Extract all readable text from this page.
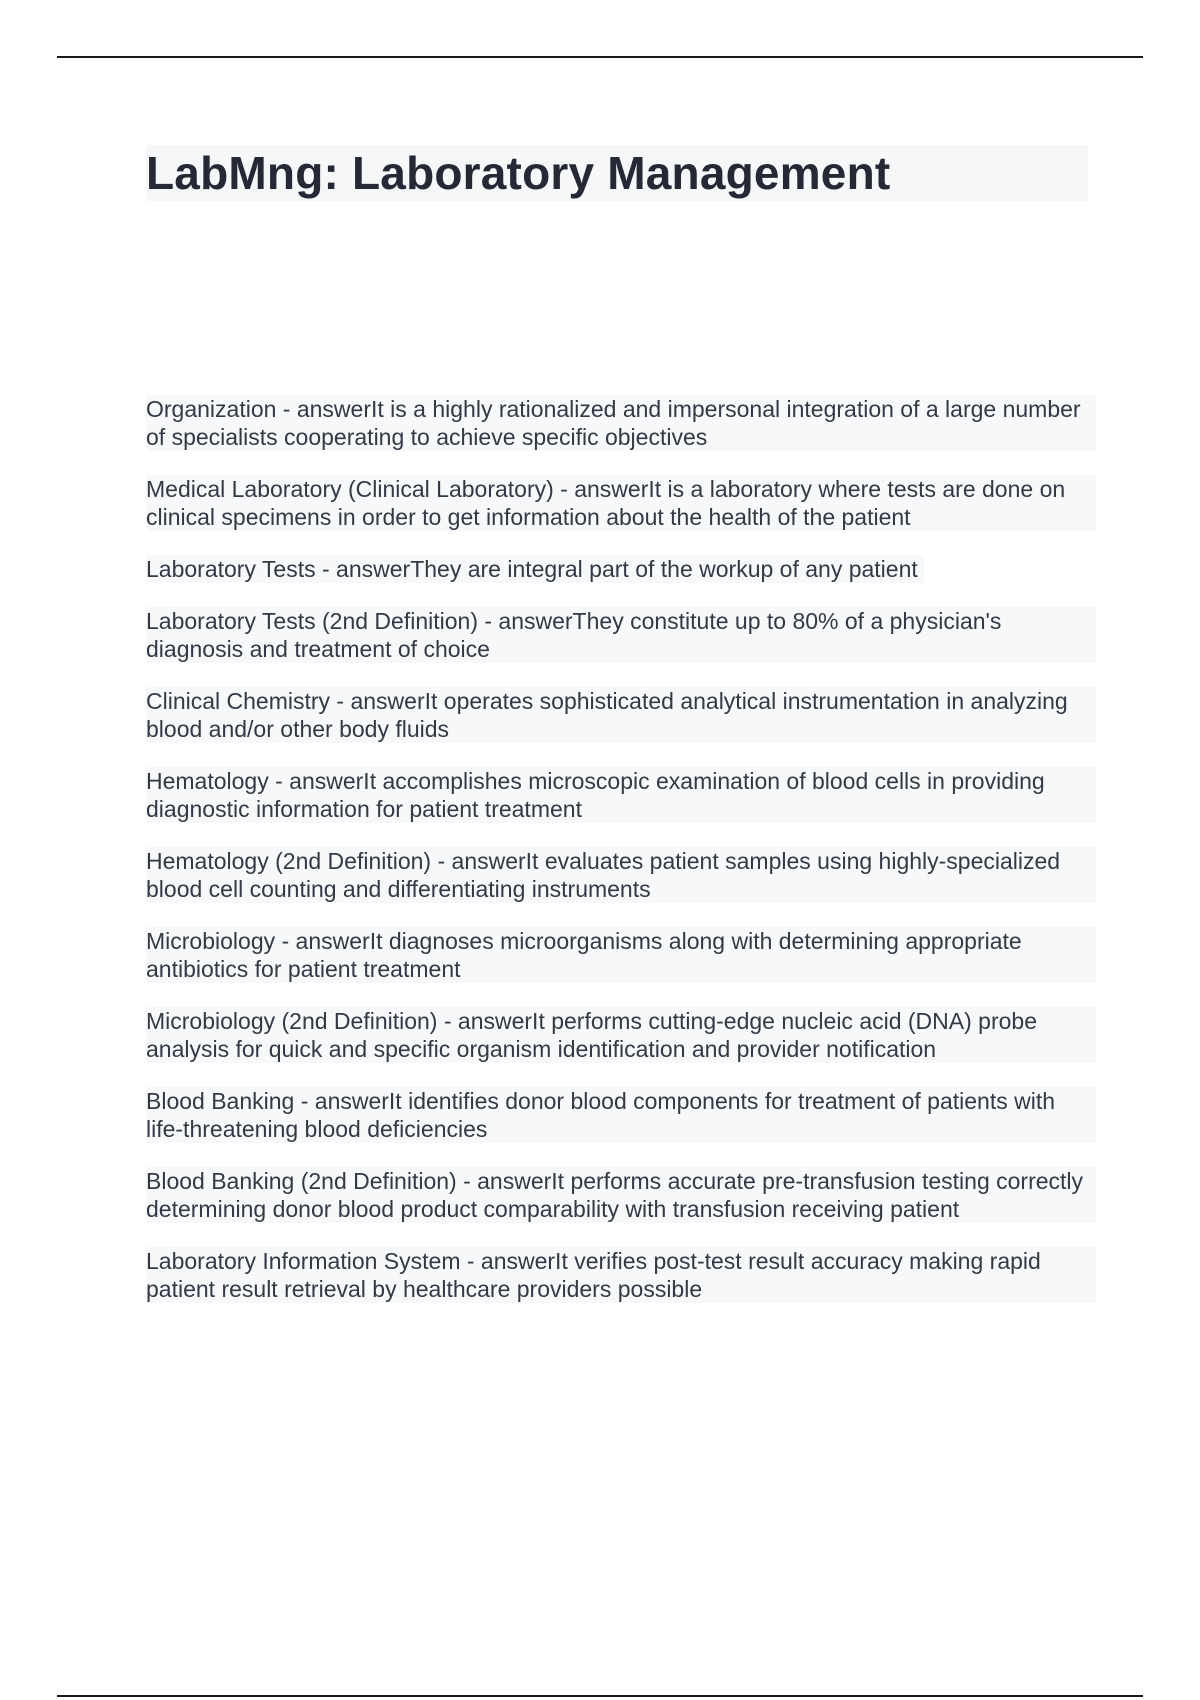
LabMng: Laboratory Management
Organization - answerIt is a highly rationalized and impersonal integration of a large number of specialists cooperating to achieve specific objectives
Medical Laboratory (Clinical Laboratory) - answerIt is a laboratory where tests are done on clinical specimens in order to get information about the health of the patient
Laboratory Tests - answerThey are integral part of the workup of any patient
Laboratory Tests (2nd Definition) - answerThey constitute up to 80% of a physician's diagnosis and treatment of choice
Clinical Chemistry - answerIt operates sophisticated analytical instrumentation in analyzing blood and/or other body fluids
Hematology - answerIt accomplishes microscopic examination of blood cells in providing diagnostic information for patient treatment
Hematology (2nd Definition) - answerIt evaluates patient samples using highly-specialized blood cell counting and differentiating instruments
Microbiology - answerIt diagnoses microorganisms along with determining appropriate antibiotics for patient treatment
Microbiology (2nd Definition) - answerIt performs cutting-edge nucleic acid (DNA) probe analysis for quick and specific organism identification and provider notification
Blood Banking - answerIt identifies donor blood components for treatment of patients with life-threatening blood deficiencies
Blood Banking (2nd Definition) - answerIt performs accurate pre-transfusion testing correctly determining donor blood product comparability with transfusion receiving patient
Laboratory Information System - answerIt verifies post-test result accuracy making rapid patient result retrieval by healthcare providers possible
